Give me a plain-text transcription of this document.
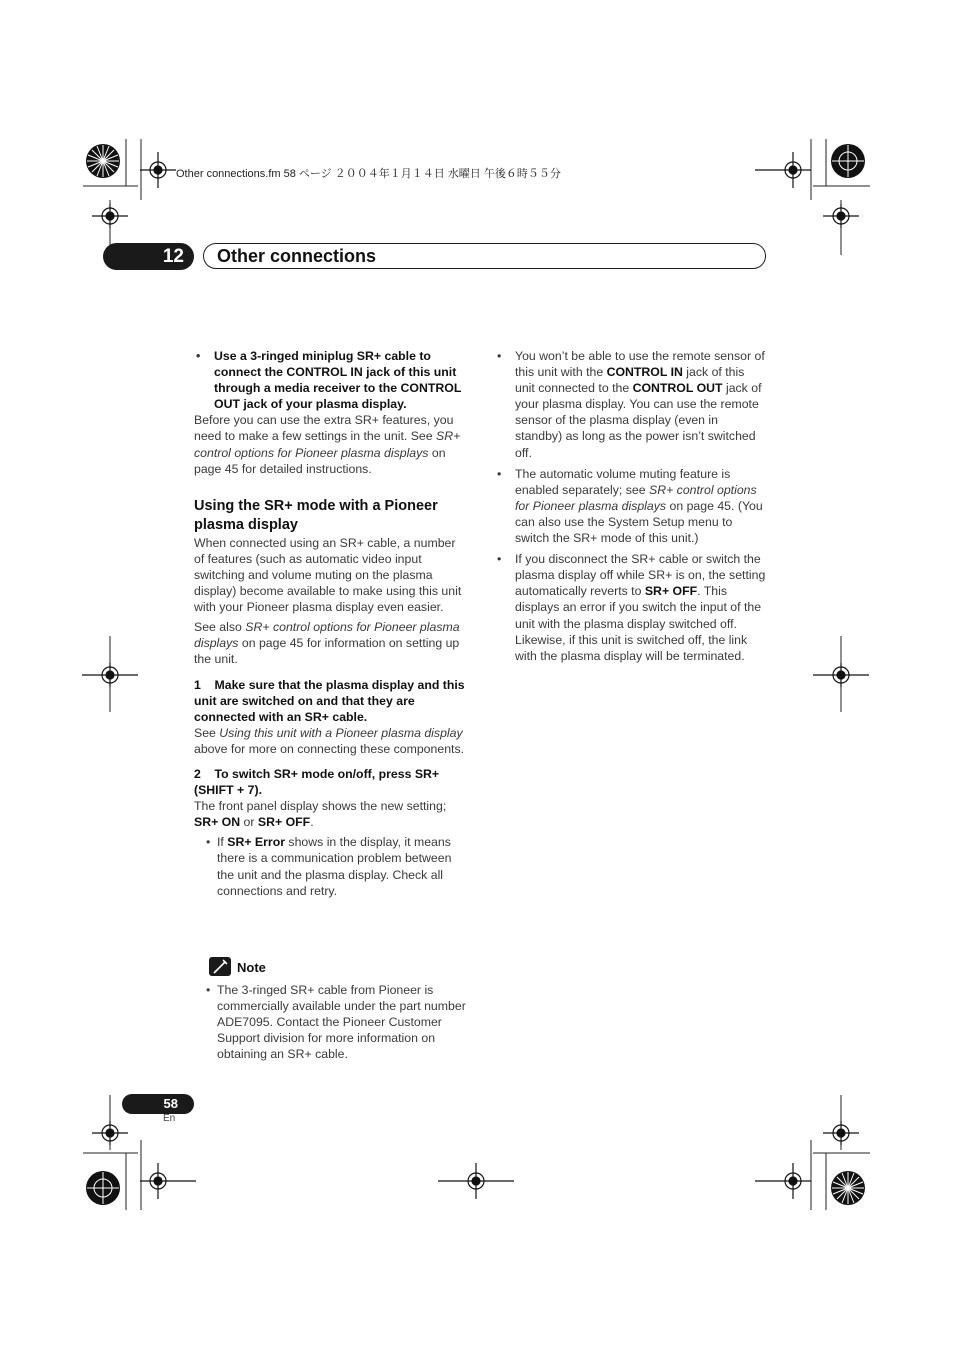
Other connections.fm 58 ページ ２００４年１月１４日 水曜日 午後６時５５分
12	Other connections

• Use a 3-ringed miniplug SR+ cable to connect the CONTROL IN jack of this unit through a media receiver to the CONTROL OUT jack of your plasma display.

Before you can use the extra SR+ features, you need to make a few settings in the unit. See SR+ control options for Pioneer plasma displays on page 45 for detailed instructions.

Using the SR+ mode with a Pioneer plasma display

When connected using an SR+ cable, a number of features (such as automatic video input switching and volume muting on the plasma display) become available to make using this unit with your Pioneer plasma display even easier.

See also SR+ control options for Pioneer plasma displays on page 45 for information on setting up the unit.

1 Make sure that the plasma display and this unit are switched on and that they are connected with an SR+ cable.

See Using this unit with a Pioneer plasma display above for more on connecting these components.

2 To switch SR+ mode on/off, press SR+ (SHIFT + 7).

The front panel display shows the new setting; SR+ ON or SR+ OFF.

• If SR+ Error shows in the display, it means there is a communication problem between the unit and the plasma display. Check all connections and retry.

Note

• The 3-ringed SR+ cable from Pioneer is commercially available under the part number ADE7095. Contact the Pioneer Customer Support division for more information on obtaining an SR+ cable.

• You won’t be able to use the remote sensor of this unit with the CONTROL IN jack of this unit connected to the CONTROL OUT jack of your plasma display. You can use the remote sensor of the plasma display (even in standby) as long as the power isn’t switched off.

• The automatic volume muting feature is enabled separately; see SR+ control options for Pioneer plasma displays on page 45. (You can also use the System Setup menu to switch the SR+ mode of this unit.)

• If you disconnect the SR+ cable or switch the plasma display off while SR+ is on, the setting automatically reverts to SR+ OFF. This displays an error if you switch the input of the unit with the plasma display switched off. Likewise, if this unit is switched off, the link with the plasma display will be terminated.

58
En
